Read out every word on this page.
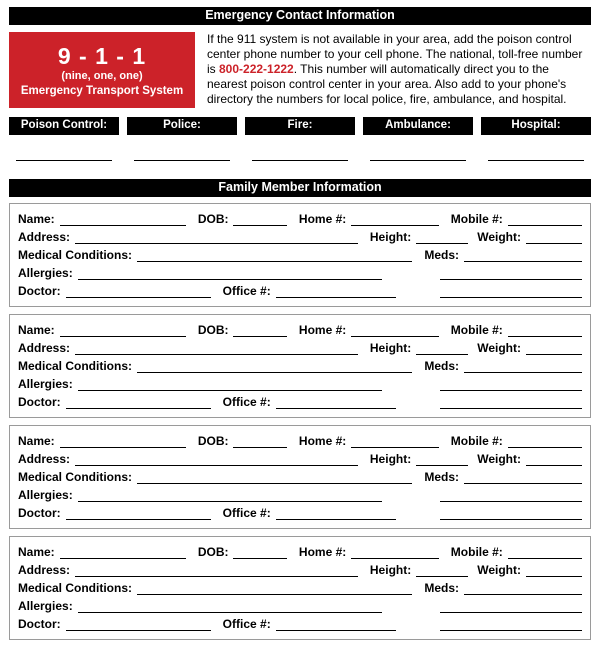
Emergency Contact Information
9 - 1 - 1
(nine, one, one)
Emergency Transport System

If the 911 system is not available in your area, add the poison control center phone number to your cell phone. The national, toll-free number is 800-222-1222. This number will automatically direct you to the nearest poison control center in your area. Also add to your phone's directory the numbers for local police, fire, ambulance, and hospital.

Poison Control:	Police:	Fire:	Ambulance:	Hospital:
Family Member Information
Name:	DOB:	Home #:	Mobile #:
Address:	Height:	Weight:
Medical Conditions:	Meds:
Allergies:
Doctor:	Office #:
Name:	DOB:	Home #:	Mobile #:
Address:	Height:	Weight:
Medical Conditions:	Meds:
Allergies:
Doctor:	Office #:
Name:	DOB:	Home #:	Mobile #:
Address:	Height:	Weight:
Medical Conditions:	Meds:
Allergies:
Doctor:	Office #:
Name:	DOB:	Home #:	Mobile #:
Address:	Height:	Weight:
Medical Conditions:	Meds:
Allergies:
Doctor:	Office #:
